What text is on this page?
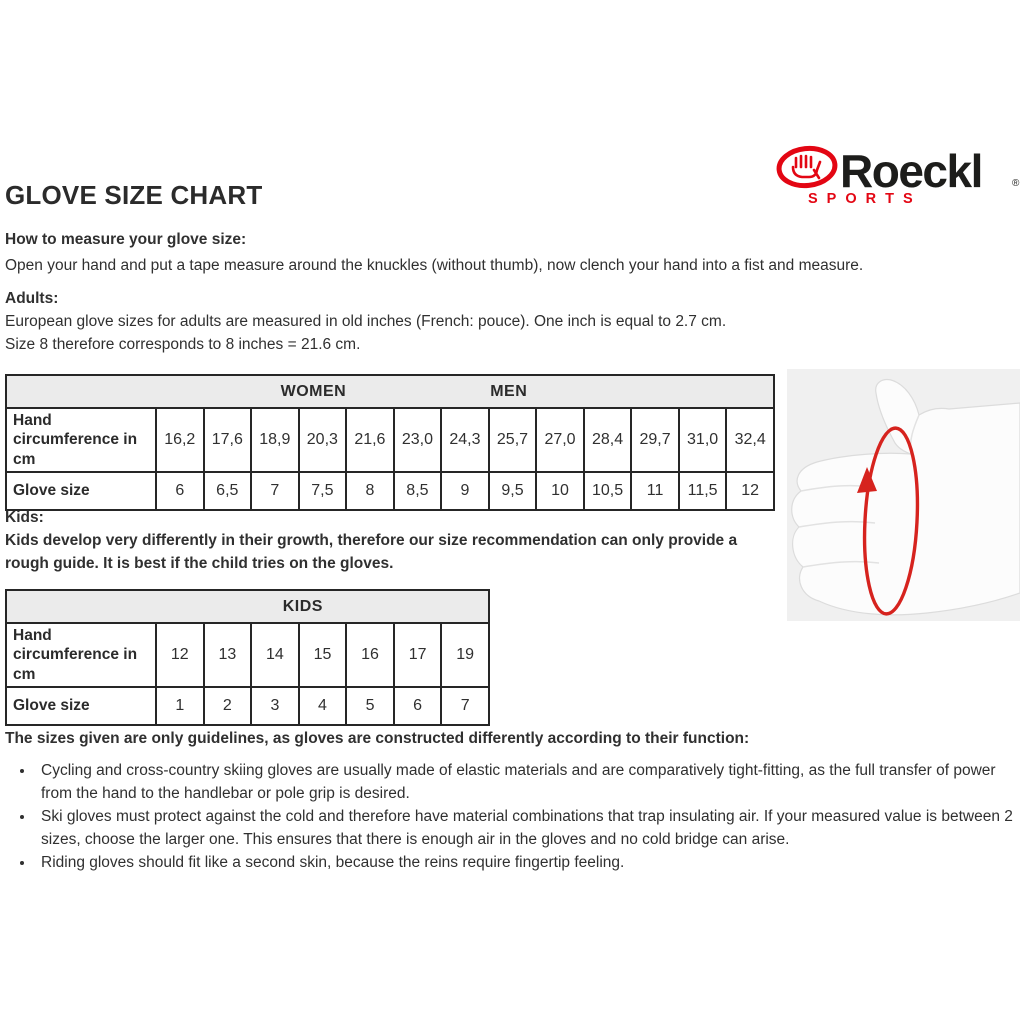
Roeckl	®
SPORTS
GLOVE SIZE CHART
How to measure your glove size:
Open your hand and put a tape measure around the knuckles (without thumb), now clench your hand into a fist and measure.
Adults:
European glove sizes for adults are measured in old inches (French: pouce). One inch is equal to 2.7 cm.
Size 8 therefore corresponds to 8 inches = 21.6 cm.
WOMEN MEN													

Hand circumference in cm	16,2	17,6	18,9	20,3	21,6	23,0	24,3	25,7	27,0	28,4	29,7	31,0	32,4
Glove size	6	6,5	7	7,5	8	8,5	9	9,5	10	10,5	11	11,5	12
Kids:
Kids develop very differently in their growth, therefore our size recommendation can only provide a rough guide. It is best if the child tries on the gloves.
KIDS							

Hand circumference in cm	12	13	14	15	16	17	19
Glove size	1	2	3	4	5	6	7
The sizes given are only guidelines, as gloves are constructed differently according to their function:
• Cycling and cross-country skiing gloves are usually made of elastic materials and are comparatively tight-fitting, as the full transfer of power from the hand to the handlebar or pole grip is desired.
• Ski gloves must protect against the cold and therefore have material combinations that trap insulating air. If your measured value is between 2 sizes, choose the larger one. This ensures that there is enough air in the gloves and no cold bridge can arise.
• Riding gloves should fit like a second skin, because the reins require fingertip feeling.
